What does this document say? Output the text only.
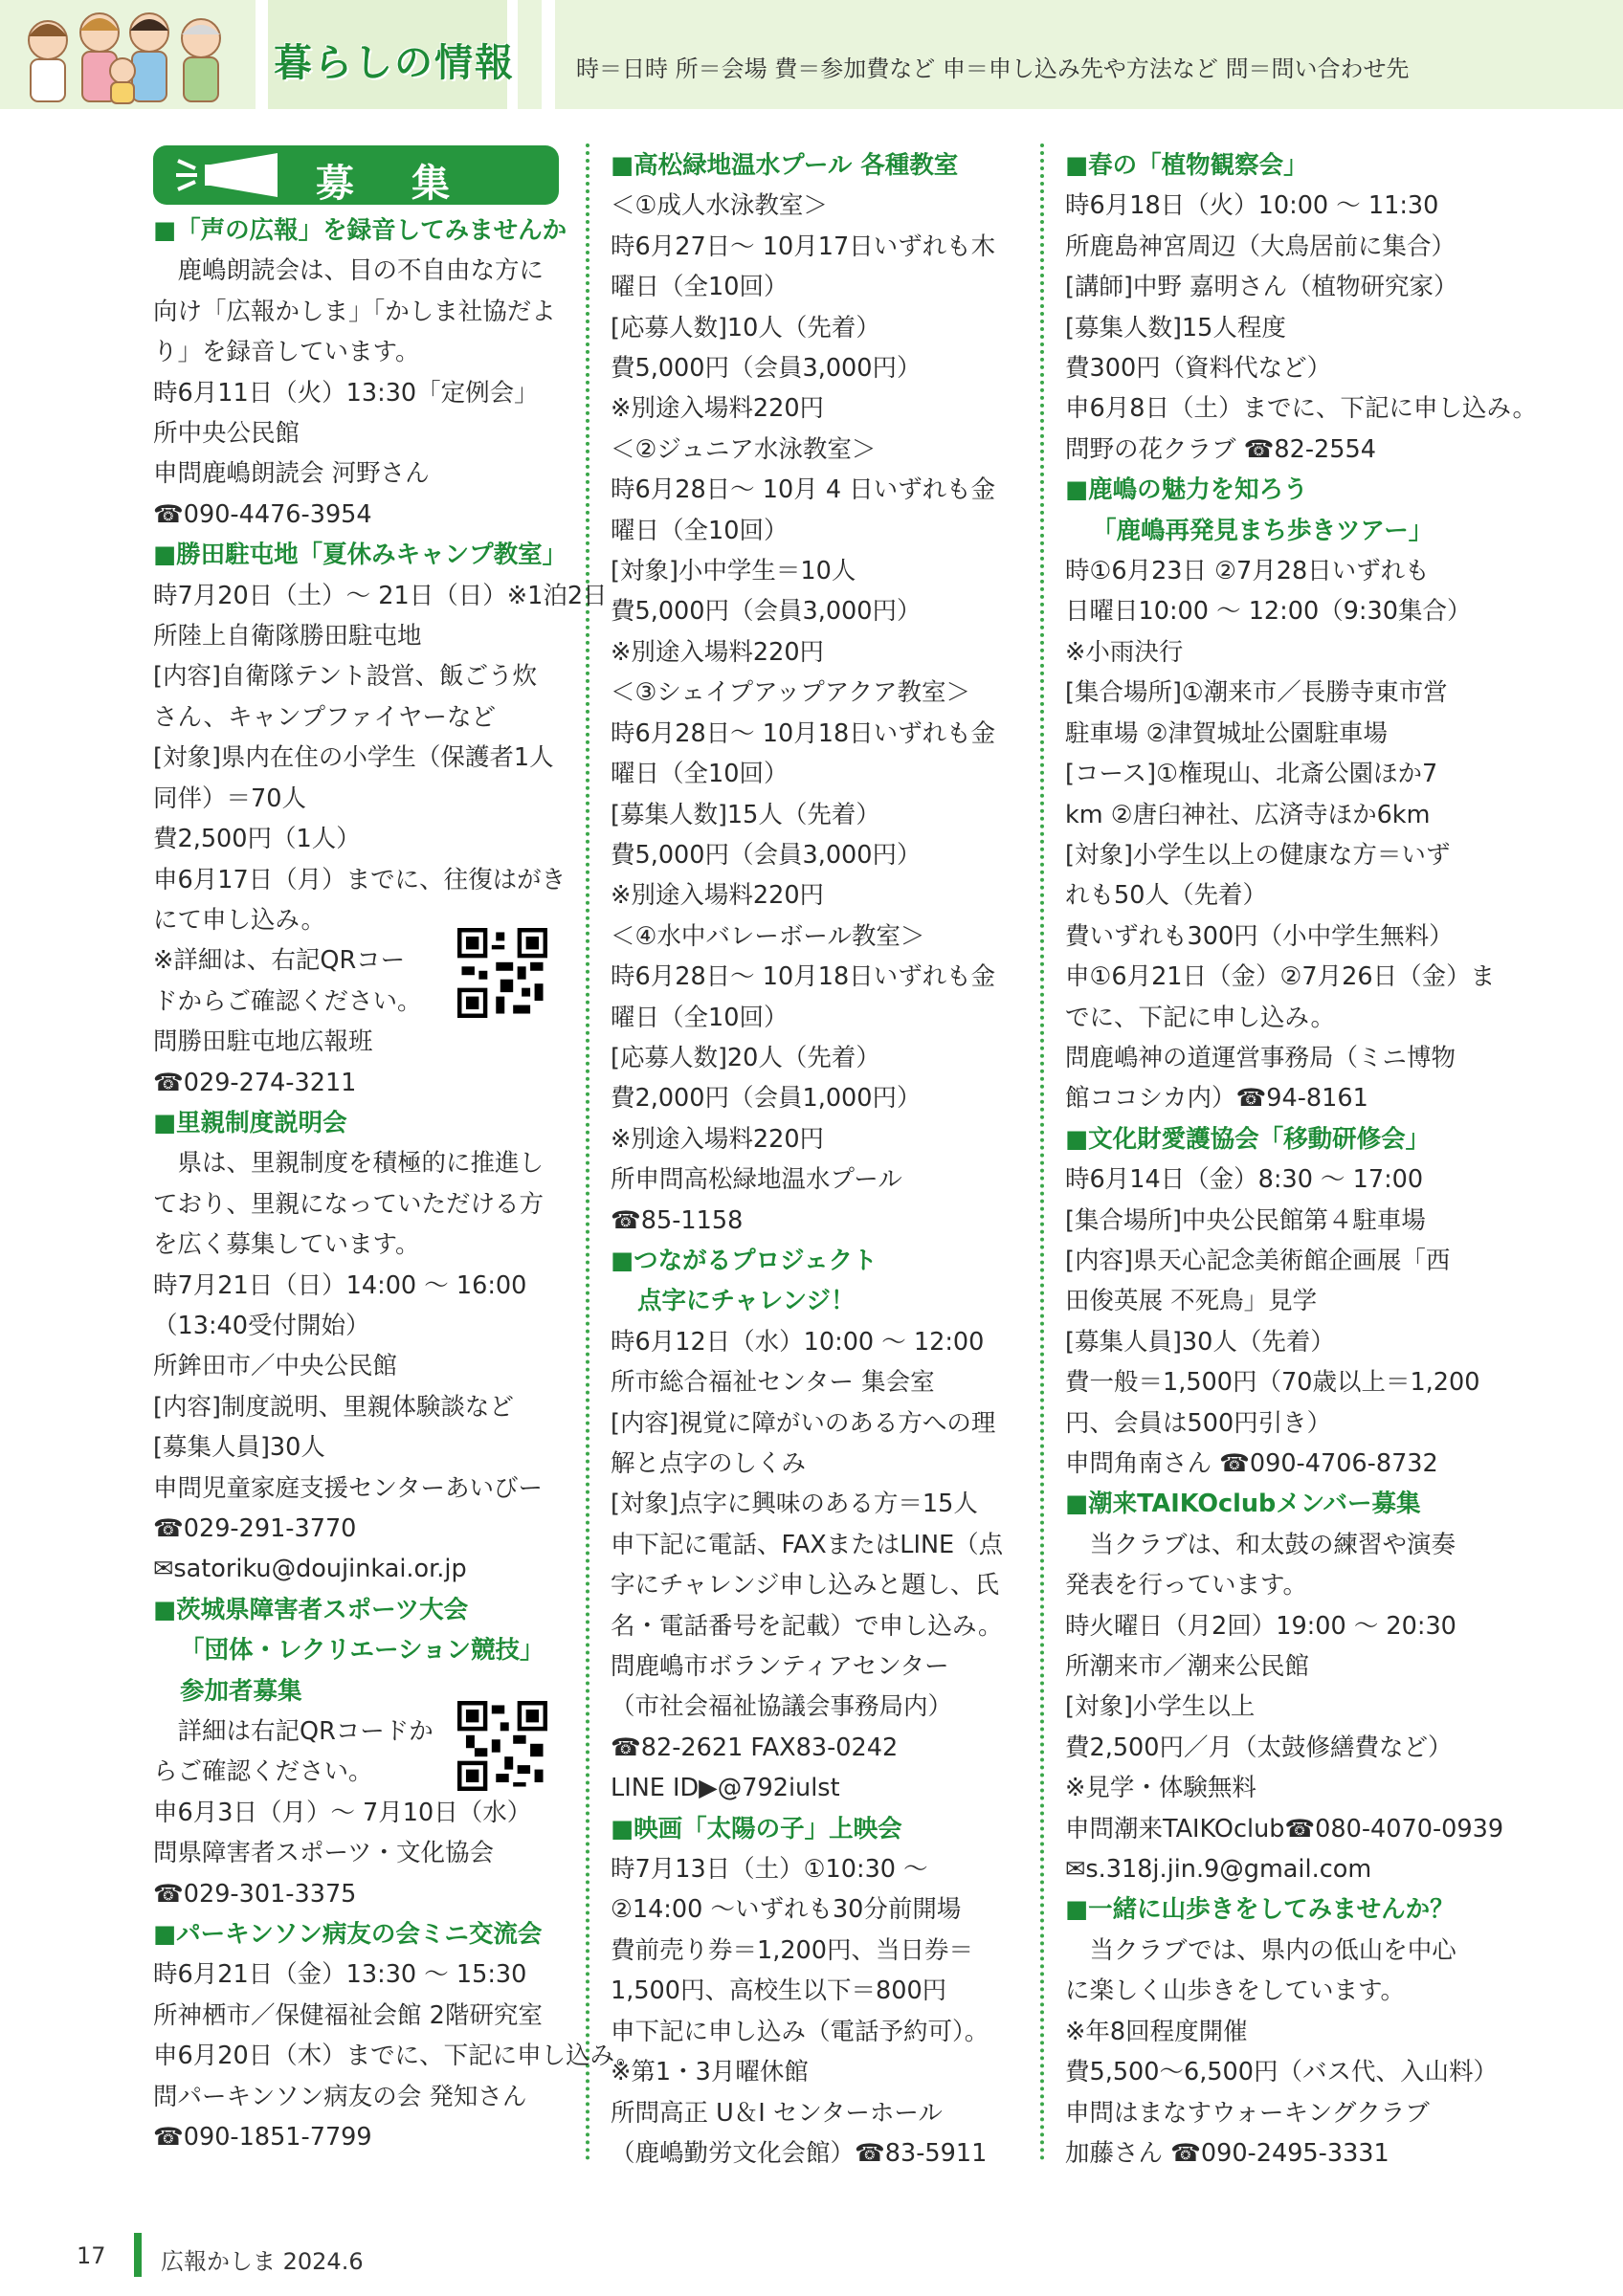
暮らしの情報	時＝日時 所＝会場 費＝参加費など 申＝申し込み先や方法など 問＝問い合わせ先
募集
■「声の広報」を録音してみませんか
　鹿嶋朗読会は、目の不自由な方に
向け「広報かしま」「かしま社協だよ
り」を録音しています。
時6月11日（火）13:30「定例会」
所中央公民館
申問鹿嶋朗読会 河野さん
☎090-4476-3954
■勝田駐屯地「夏休みキャンプ教室」
時7月20日（土）～ 21日（日）※1泊2日
所陸上自衛隊勝田駐屯地
[内容]自衛隊テント設営、飯ごう炊
さん、キャンプファイヤーなど
[対象]県内在住の小学生（保護者1人
同伴）＝70人
費2,500円（1人）
申6月17日（月）までに、往復はがき
にて申し込み。
※詳細は、右記QRコー
ドからご確認ください。
問勝田駐屯地広報班
☎029-274-3211
■里親制度説明会
　県は、里親制度を積極的に推進し
ており、里親になっていただける方
を広く募集しています。
時7月21日（日）14:00 ～ 16:00
（13:40受付開始）
所鉾田市／中央公民館
[内容]制度説明、里親体験談など
[募集人員]30人
申問児童家庭支援センターあいびー
☎029-291-3770
✉satoriku@doujinkai.or.jp
■茨城県障害者スポーツ大会
「団体・レクリエーション競技」
参加者募集
　詳細は右記QRコードか
らご確認ください。
申6月3日（月）～ 7月10日（水）
問県障害者スポーツ・文化協会
☎029-301-3375
■パーキンソン病友の会ミニ交流会
時6月21日（金）13:30 ～ 15:30
所神栖市／保健福祉会館 2階研究室
申6月20日（木）までに、下記に申し込み。
問パーキンソン病友の会 発知さん
☎090-1851-7799
■高松緑地温水プール 各種教室
＜①成人水泳教室＞
時6月27日～ 10月17日いずれも木
曜日（全10回）
[応募人数]10人（先着）
費5,000円（会員3,000円）
※別途入場料220円
＜②ジュニア水泳教室＞
時6月28日～ 10月 4 日いずれも金
曜日（全10回）
[対象]小中学生＝10人
費5,000円（会員3,000円）
※別途入場料220円
＜③シェイプアップアクア教室＞
時6月28日～ 10月18日いずれも金
曜日（全10回）
[募集人数]15人（先着）
費5,000円（会員3,000円）
※別途入場料220円
＜④水中バレーボール教室＞
時6月28日～ 10月18日いずれも金
曜日（全10回）
[応募人数]20人（先着）
費2,000円（会員1,000円）
※別途入場料220円
所申問高松緑地温水プール
☎85-1158
■つながるプロジェクト
点字にチャレンジ！
時6月12日（水）10:00 ～ 12:00
所市総合福祉センター 集会室
[内容]視覚に障がいのある方への理
解と点字のしくみ
[対象]点字に興味のある方＝15人
申下記に電話、FAXまたはLINE（点
字にチャレンジ申し込みと題し、氏
名・電話番号を記載）で申し込み。
問鹿嶋市ボランティアセンター
（市社会福祉協議会事務局内）
☎82-2621 FAX83-0242
LINE ID▶@792iulst
■映画「太陽の子」上映会
時7月13日（土）①10:30 ～
②14:00 ～いずれも30分前開場
費前売り券＝1,200円、当日券＝
1,500円、高校生以下＝800円
申下記に申し込み（電話予約可）。
※第1・3月曜休館
所問高正 U＆I センターホール
（鹿嶋勤労文化会館）☎83-5911
■春の「植物観察会」
時6月18日（火）10:00 ～ 11:30
所鹿島神宮周辺（大鳥居前に集合）
[講師]中野 嘉明さん（植物研究家）
[募集人数]15人程度
費300円（資料代など）
申6月8日（土）までに、下記に申し込み。
問野の花クラブ ☎82-2554
■鹿嶋の魅力を知ろう
「鹿嶋再発見まち歩きツアー」
時①6月23日 ②7月28日いずれも
日曜日10:00 ～ 12:00（9:30集合）
※小雨決行
[集合場所]①潮来市／長勝寺東市営
駐車場 ②津賀城址公園駐車場
[コース]①権現山、北斎公園ほか7
km ②唐臼神社、広済寺ほか6km
[対象]小学生以上の健康な方＝いず
れも50人（先着）
費いずれも300円（小中学生無料）
申①6月21日（金）②7月26日（金）ま
でに、下記に申し込み。
問鹿嶋神の道運営事務局（ミニ博物
館ココシカ内）☎94-8161
■文化財愛護協会「移動研修会」
時6月14日（金）8:30 ～ 17:00
[集合場所]中央公民館第４駐車場
[内容]県天心記念美術館企画展「西
田俊英展 不死鳥」見学
[募集人員]30人（先着）
費一般＝1,500円（70歳以上＝1,200
円、会員は500円引き）
申問角南さん ☎090-4706-8732
■潮来TAIKOclubメンバー募集
　当クラブは、和太鼓の練習や演奏
発表を行っています。
時火曜日（月2回）19:00 ～ 20:30
所潮来市／潮来公民館
[対象]小学生以上
費2,500円／月（太鼓修繕費など）
※見学・体験無料
申問潮来TAIKOclub☎080-4070-0939
✉s.318j.jin.9@gmail.com
■一緒に山歩きをしてみませんか？
　当クラブでは、県内の低山を中心
に楽しく山歩きをしています。
※年8回程度開催
費5,500～6,500円（バス代、入山料）
申問はまなすウォーキングクラブ
加藤さん ☎090-2495-3331
17 広報かしま 2024.6
